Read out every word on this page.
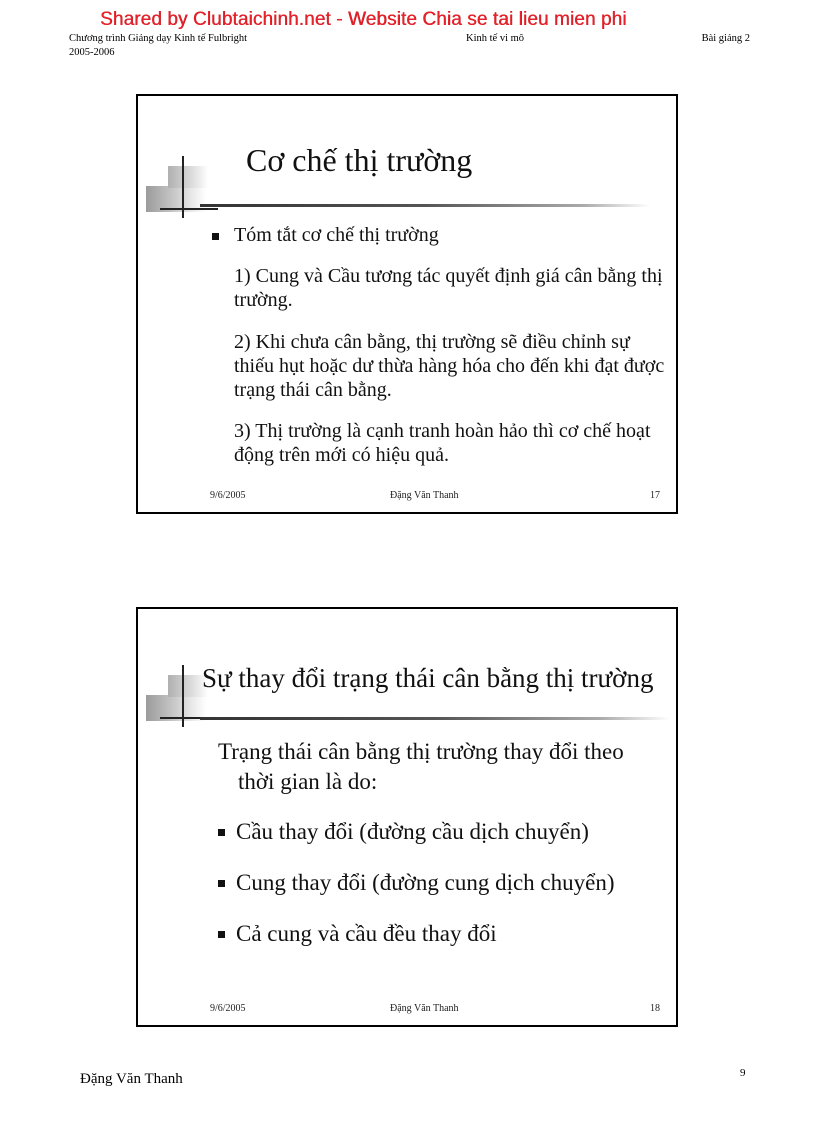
Chương trình Giảng dạy Kinh tế Fulbright	Kinh tế vi mô	Bài giảng 2
2005-2006
Shared by Clubtaichinh.net - Website Chia se tai lieu mien phi
Cơ chế thị trường
Tóm tắt cơ chế thị trường
1) Cung và Cầu tương tác quyết định giá cân bằng thị trường.
2) Khi chưa cân bằng, thị trường sẽ điều chỉnh sự thiếu hụt hoặc dư thừa hàng hóa cho đến khi đạt được trạng thái cân bằng.
3) Thị trường là cạnh tranh hoàn hảo thì cơ chế hoạt động trên mới có hiệu quả.
9/6/2005	Đặng Văn Thanh	17
Sự thay đổi trạng thái cân bằng thị trường
Trạng thái cân bằng thị trường thay đổi theo
thời gian là do:
Cầu thay đổi (đường cầu dịch chuyển)
Cung thay đổi (đường cung dịch chuyển)
Cả cung và cầu đều thay đổi
9/6/2005	Đặng Văn Thanh	18
Đặng Văn Thanh	9
